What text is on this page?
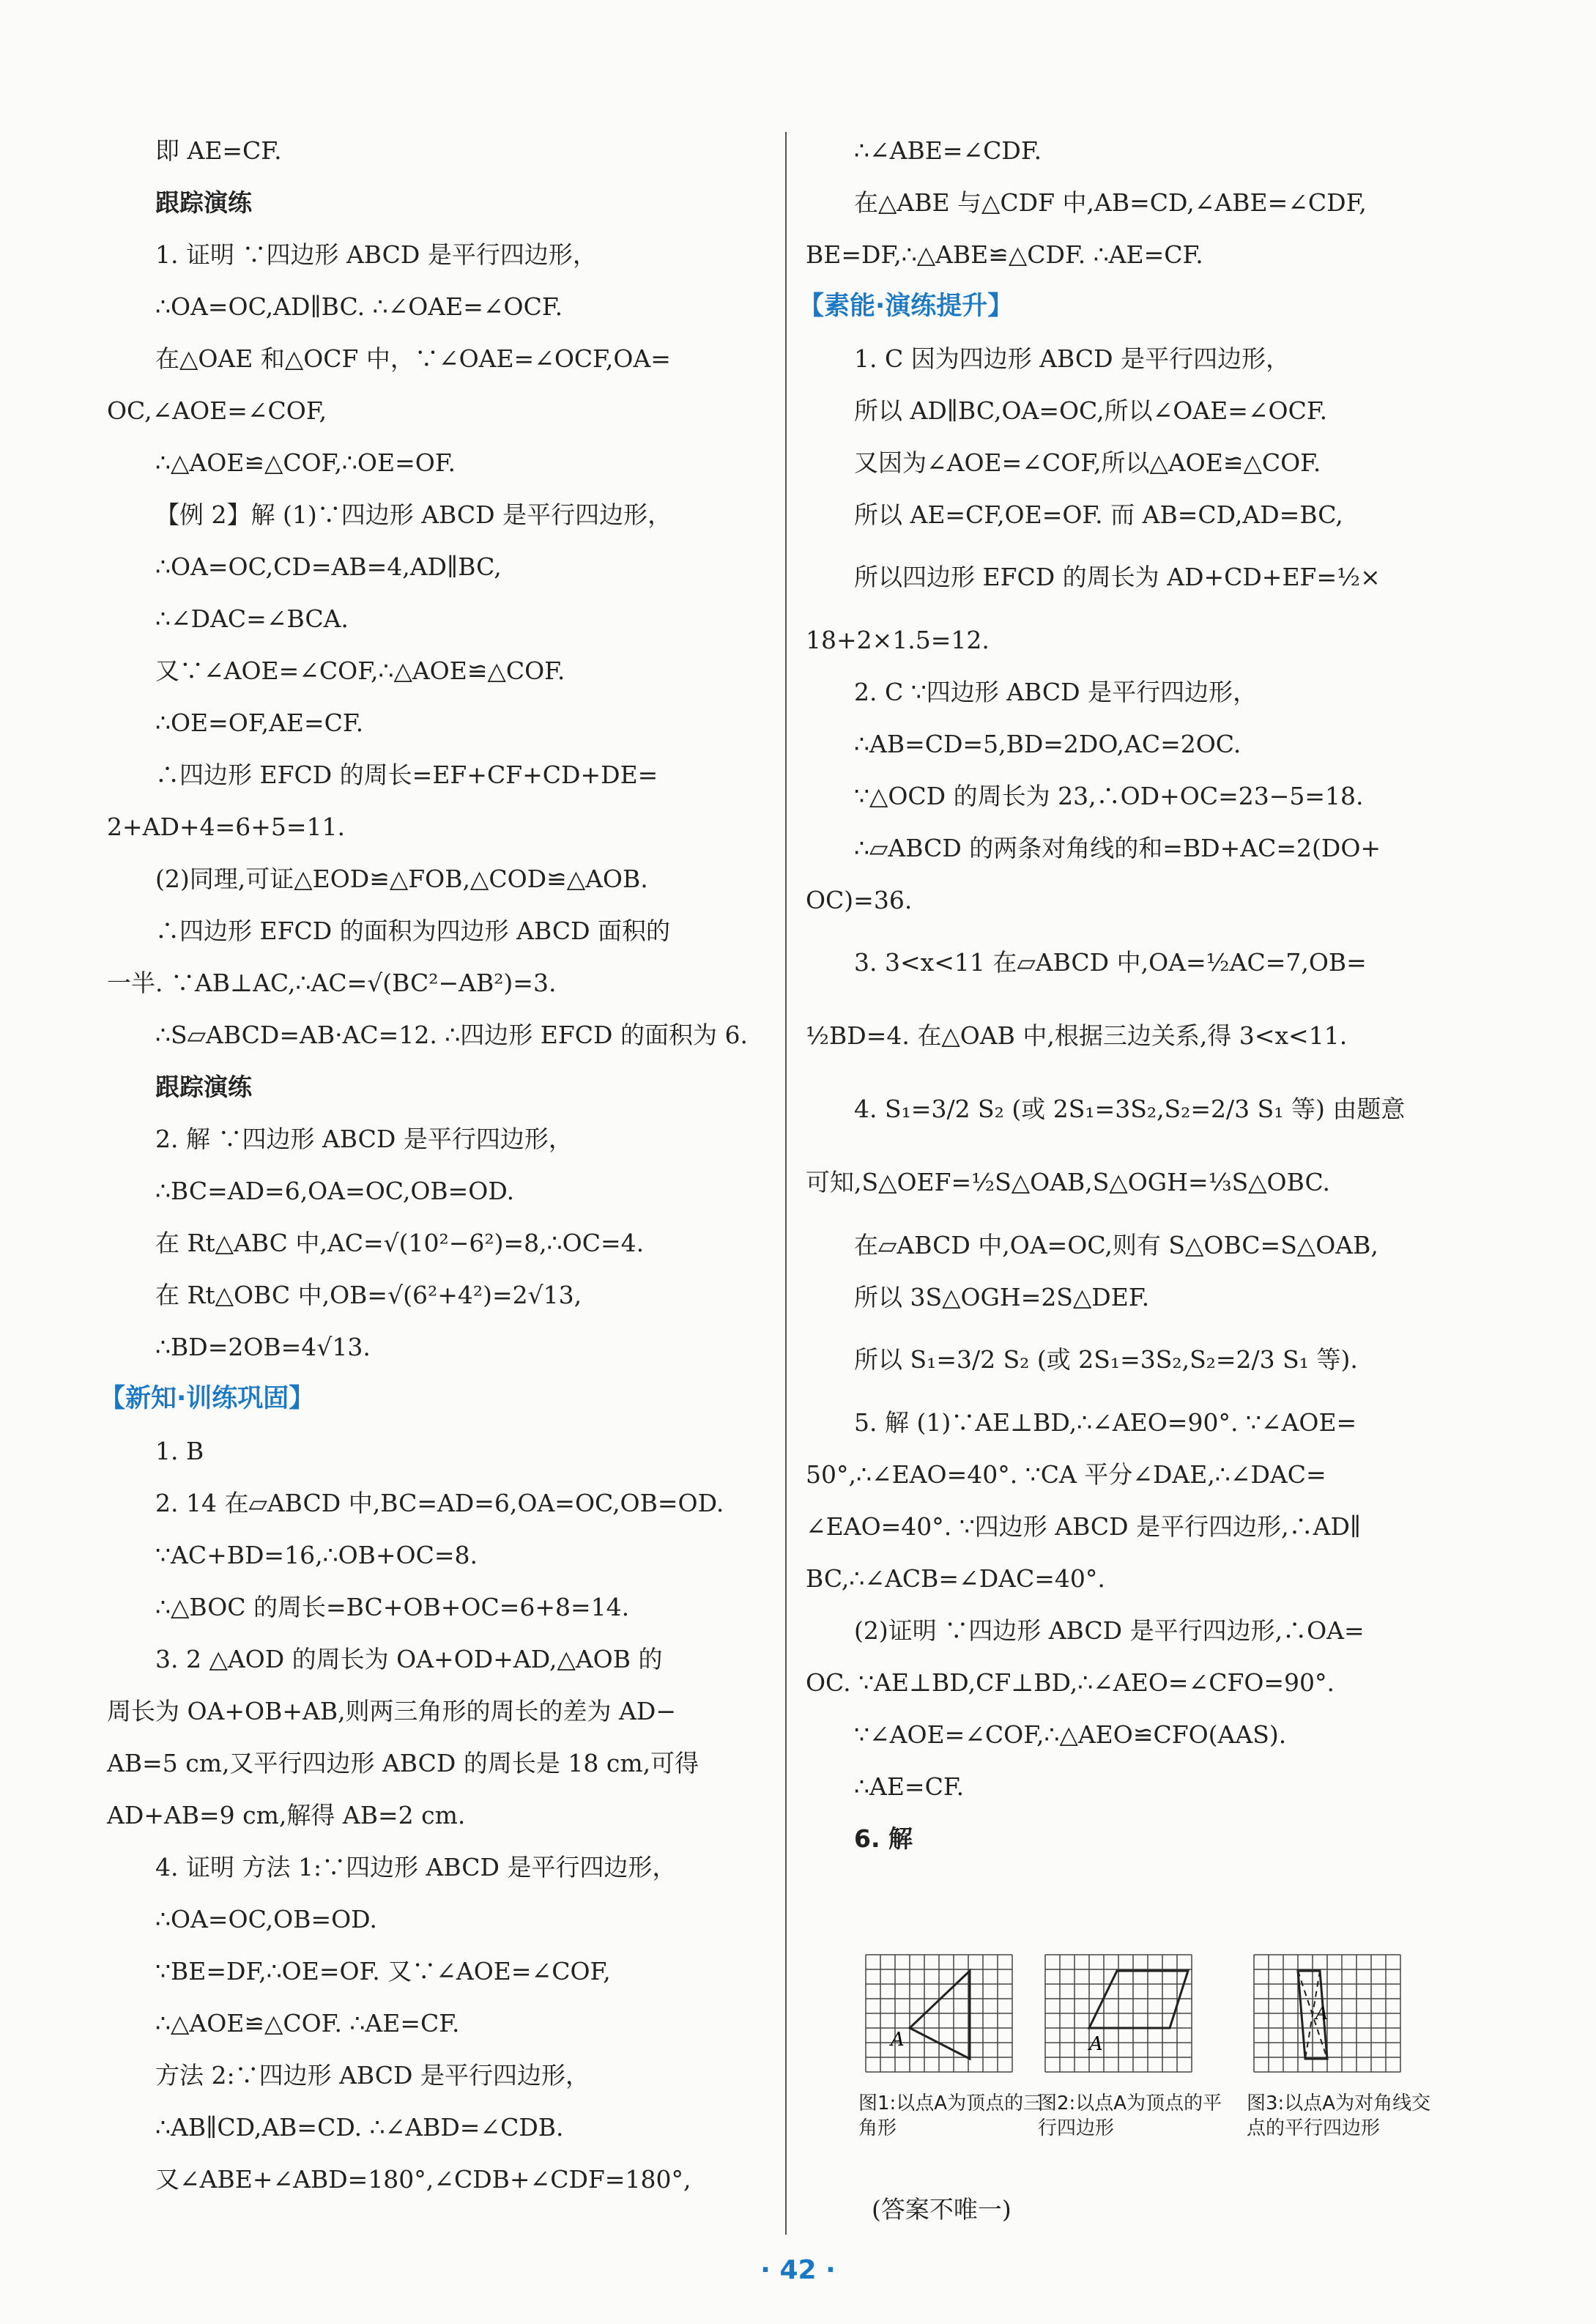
即 AE=CF.
跟踪演练
1. 证明 ∵四边形 ABCD 是平行四边形，
∴OA=OC,AD∥BC. ∴∠OAE=∠OCF.
在△OAE 和△OCF 中，∵∠OAE=∠OCF,OA=
OC,∠AOE=∠COF,
∴△AOE≌△COF,∴OE=OF.
【例 2】解 (1)∵四边形 ABCD 是平行四边形，
∴OA=OC,CD=AB=4,AD∥BC,
∴∠DAC=∠BCA.
又∵∠AOE=∠COF,∴△AOE≌△COF.
∴OE=OF,AE=CF.
∴四边形 EFCD 的周长=EF+CF+CD+DE=
2+AD+4=6+5=11.
(2)同理,可证△EOD≌△FOB,△COD≌△AOB.
∴四边形 EFCD 的面积为四边形 ABCD 面积的
一半. ∵AB⊥AC,∴AC=√(BC²−AB²)=3.
∴S▱ABCD=AB·AC=12. ∴四边形 EFCD 的面积为 6.
跟踪演练
2. 解 ∵四边形 ABCD 是平行四边形，
∴BC=AD=6,OA=OC,OB=OD.
在 Rt△ABC 中,AC=√(10²−6²)=8,∴OC=4.
在 Rt△OBC 中,OB=√(6²+4²)=2√13,
∴BD=2OB=4√13.
【新知·训练巩固】
1. B
2. 14 在▱ABCD 中,BC=AD=6,OA=OC,OB=OD.
∵AC+BD=16,∴OB+OC=8.
∴△BOC 的周长=BC+OB+OC=6+8=14.
3. 2 △AOD 的周长为 OA+OD+AD,△AOB 的
周长为 OA+OB+AB,则两三角形的周长的差为 AD−
AB=5 cm,又平行四边形 ABCD 的周长是 18 cm,可得
AD+AB=9 cm,解得 AB=2 cm.
4. 证明 方法 1:∵四边形 ABCD 是平行四边形，
∴OA=OC,OB=OD.
∵BE=DF,∴OE=OF. 又∵∠AOE=∠COF,
∴△AOE≌△COF. ∴AE=CF.
方法 2:∵四边形 ABCD 是平行四边形，
∴AB∥CD,AB=CD. ∴∠ABD=∠CDB.
又∠ABE+∠ABD=180°,∠CDB+∠CDF=180°,
∴∠ABE=∠CDF.
在△ABE 与△CDF 中,AB=CD,∠ABE=∠CDF,
BE=DF,∴△ABE≌△CDF. ∴AE=CF.
【素能·演练提升】
1. C 因为四边形 ABCD 是平行四边形，
所以 AD∥BC,OA=OC,所以∠OAE=∠OCF.
又因为∠AOE=∠COF,所以△AOE≌△COF.
所以 AE=CF,OE=OF. 而 AB=CD,AD=BC,
所以四边形 EFCD 的周长为 AD+CD+EF=½×
18+2×1.5=12.
2. C ∵四边形 ABCD 是平行四边形，
∴AB=CD=5,BD=2DO,AC=2OC.
∵△OCD 的周长为 23,∴OD+OC=23−5=18.
∴▱ABCD 的两条对角线的和=BD+AC=2(DO+
OC)=36.
3. 3<x<11 在▱ABCD 中,OA=½AC=7,OB=
½BD=4. 在△OAB 中,根据三边关系,得 3<x<11.
4. S₁=3/2 S₂ (或 2S₁=3S₂,S₂=2/3 S₁ 等) 由题意
可知,S△OEF=½S△OAB,S△OGH=⅓S△OBC.
在▱ABCD 中,OA=OC,则有 S△OBC=S△OAB,
所以 3S△OGH=2S△DEF.
所以 S₁=3/2 S₂ (或 2S₁=3S₂,S₂=2/3 S₁ 等).
5. 解 (1)∵AE⊥BD,∴∠AEO=90°. ∵∠AOE=
50°,∴∠EAO=40°. ∵CA 平分∠DAE,∴∠DAC=
∠EAO=40°. ∵四边形 ABCD 是平行四边形,∴AD∥
BC,∴∠ACB=∠DAC=40°.
(2)证明 ∵四边形 ABCD 是平行四边形,∴OA=
OC. ∵AE⊥BD,CF⊥BD,∴∠AEO=∠CFO=90°.
∵∠AOE=∠COF,∴△AEO≌CFO(AAS).
∴AE=CF.
6. 解
A
图1:以点A为顶点的三角形
A
图2:以点A为顶点的平行四边形
A
图3:以点A为对角线交点的平行四边形
(答案不唯一)
· 42 ·
